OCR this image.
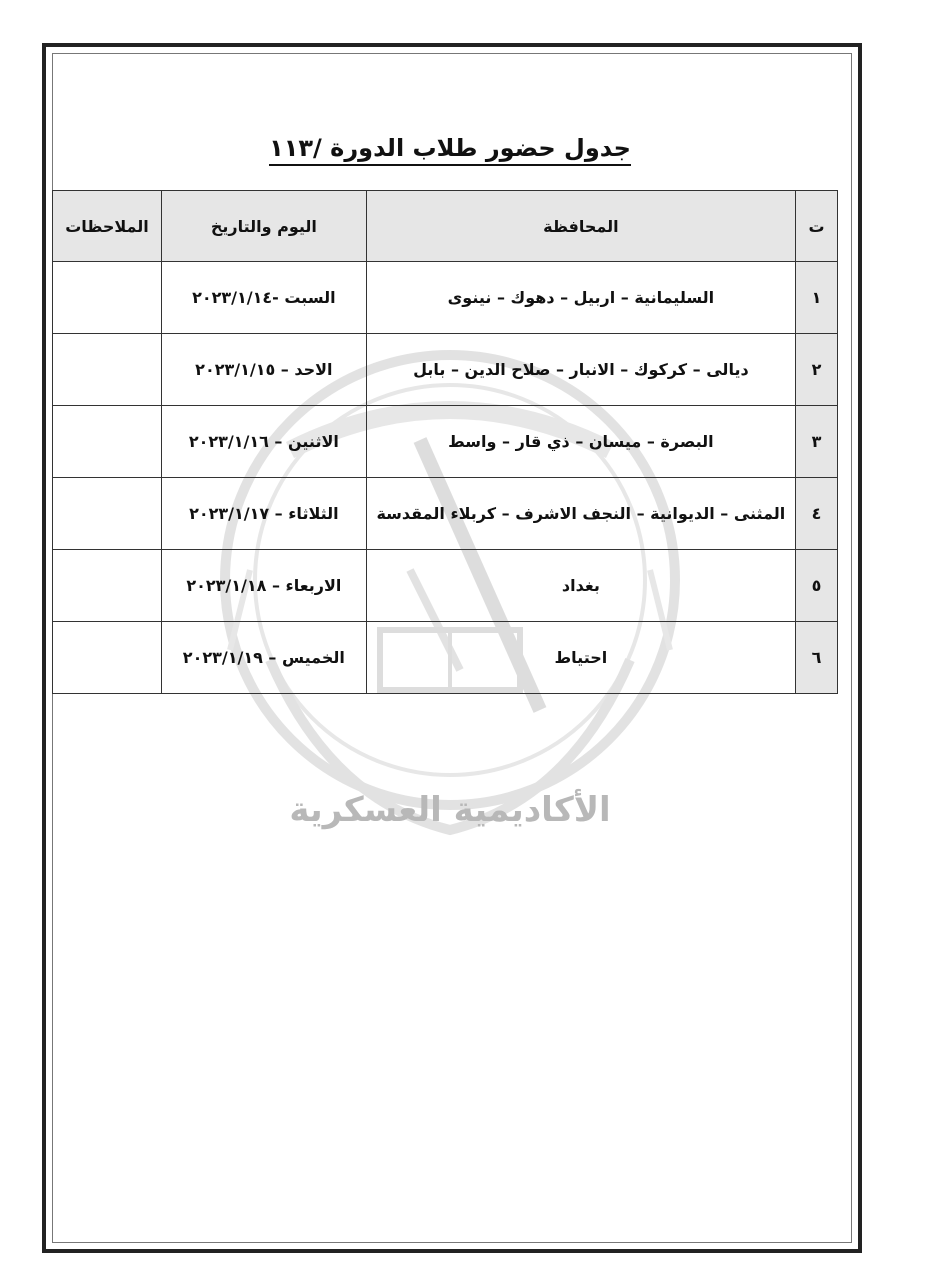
الأكاديمية العسكرية
جدول حضور طلاب الدورة /١١٣
ت	المحافظة	اليوم والتاريخ	الملاحظات
١	السليمانية – اربيل – دهوك – نينوى	السبت -٢٠٢٣/١/١٤	
٢	ديالى – كركوك – الانبار – صلاح الدين – بابل	الاحد – ٢٠٢٣/١/١٥	
٣	البصرة – ميسان – ذي قار – واسط	الاثنين – ٢٠٢٣/١/١٦	
٤	المثنى – الديوانية – النجف الاشرف – كربلاء المقدسة	الثلاثاء – ٢٠٢٣/١/١٧	
٥	بغداد	الاربعاء – ٢٠٢٣/١/١٨	
٦	احتياط	الخميس – ٢٠٢٣/١/١٩	
